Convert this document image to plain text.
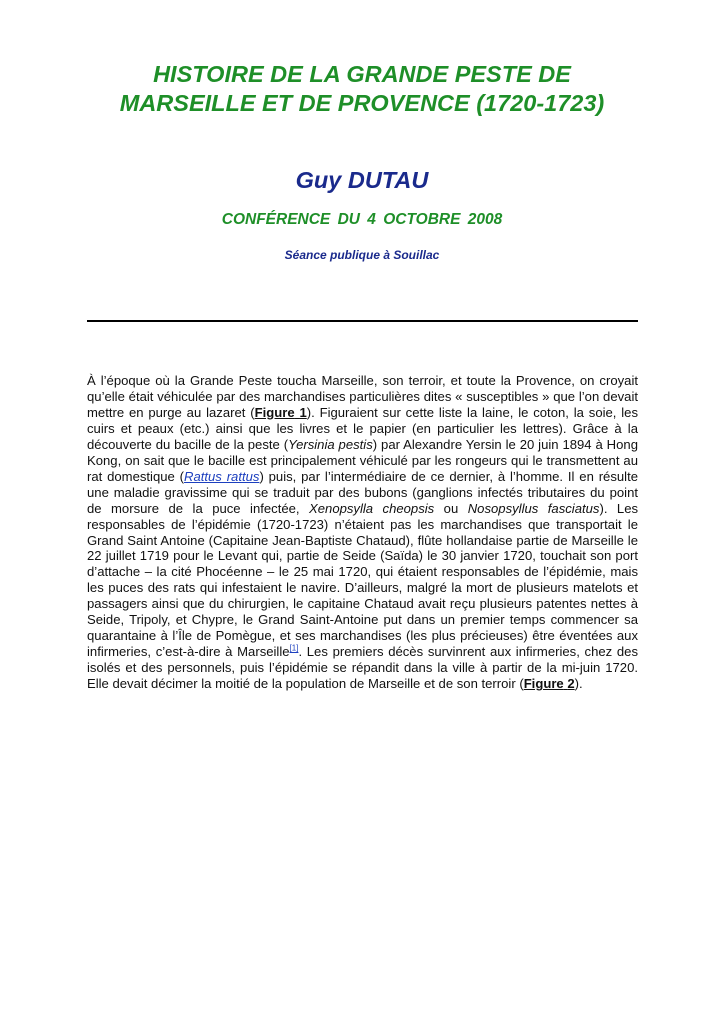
HISTOIRE DE LA GRANDE PESTE DE
MARSEILLE ET DE PROVENCE (1720-1723)
Guy DUTAU
CONFÉRENCE DU 4 OCTOBRE 2008
Séance publique à Souillac

À l’époque où la Grande Peste toucha Marseille, son terroir, et toute la Provence, on croyait qu’elle était véhiculée par des marchandises particulières dites « susceptibles » que l’on devait mettre en purge au lazaret (Figure 1). Figuraient sur cette liste la laine, le coton, la soie, les cuirs et peaux (etc.) ainsi que les livres et le papier (en particulier les lettres). Grâce à la découverte du bacille de la peste (Yersinia pestis) par Alexandre Yersin le 20 juin 1894 à Hong Kong, on sait que le bacille est principalement véhiculé par les rongeurs qui le transmettent au rat domestique (Rattus rattus) puis, par l’intermédiaire de ce dernier, à l’homme. Il en résulte une maladie gravissime qui se traduit par des bubons (ganglions infectés tributaires du point de morsure de la puce infectée, Xenopsylla cheopsis ou Nosopsyllus fasciatus). Les responsables de l’épidémie (1720-1723) n’étaient pas les marchandises que transportait le Grand Saint Antoine (Capitaine Jean-Baptiste Chataud), flûte hollandaise partie de Marseille le 22 juillet 1719 pour le Levant qui, partie de Seide (Saïda) le 30 janvier 1720, touchait son port d’attache – la cité Phocéenne – le 25 mai 1720, qui étaient responsables de l’épidémie, mais les puces des rats qui infestaient le navire. D’ailleurs, malgré la mort de plusieurs matelots et passagers ainsi que du chirurgien, le capitaine Chataud avait reçu plusieurs patentes nettes à Seide, Tripoly, et Chypre, le Grand Saint-Antoine put dans un premier temps commencer sa quarantaine à l’Île de Pomègue, et ses marchandises (les plus précieuses) être éventées aux infirmeries, c’est-à-dire à Marseille[1]. Les premiers décès survinrent aux infirmeries, chez des isolés et des personnels, puis l’épidémie se répandit dans la ville à partir de la mi-juin 1720. Elle devait décimer la moitié de la population de Marseille et de son terroir (Figure 2).
